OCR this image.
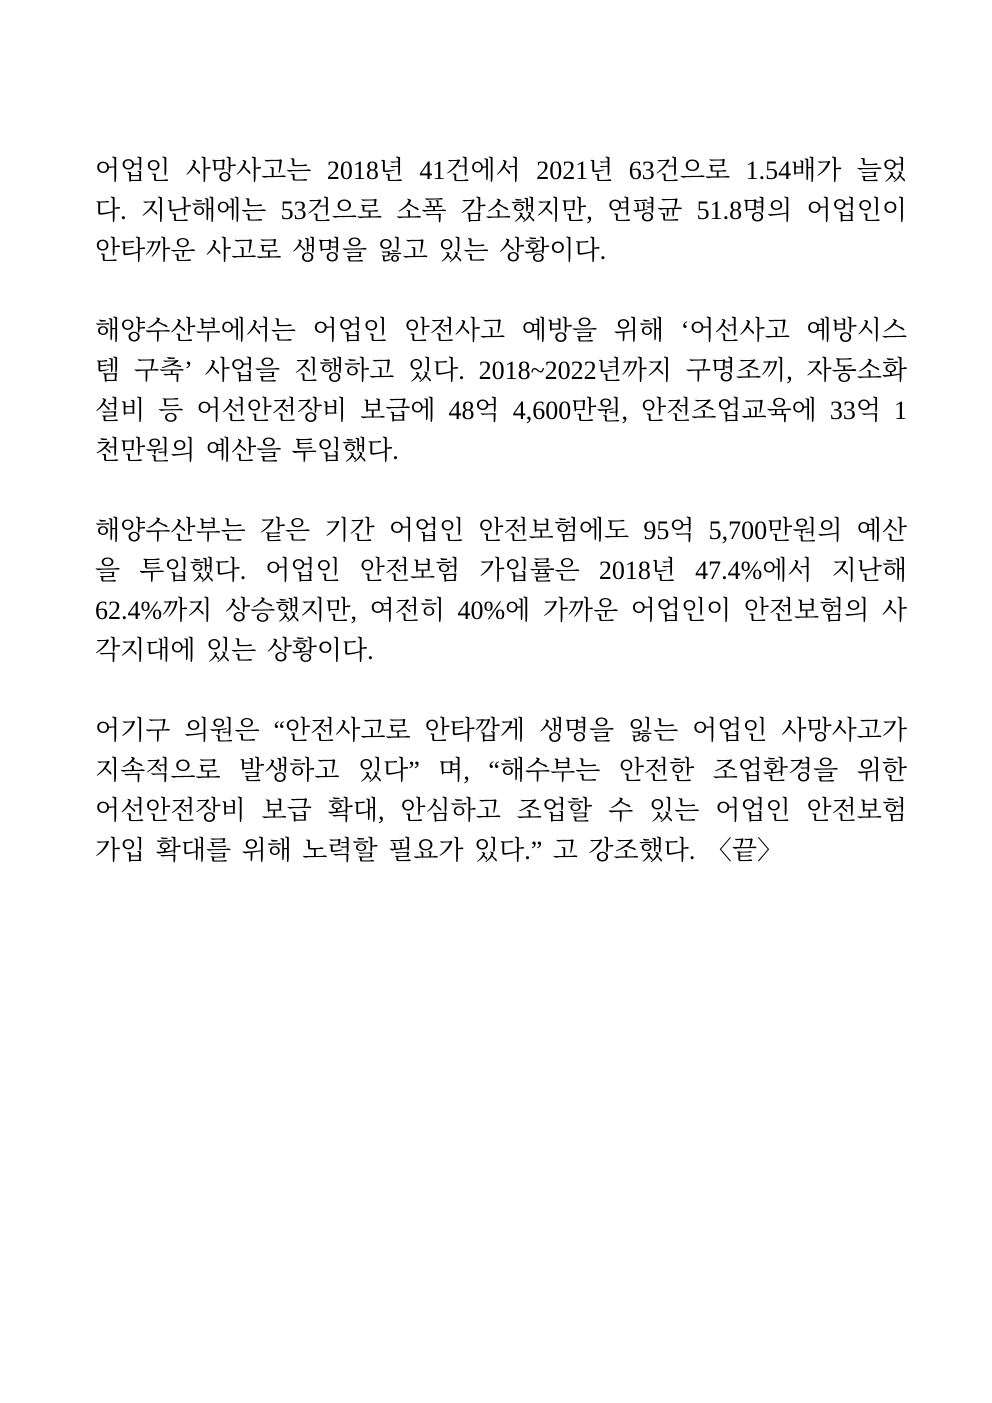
어업인 사망사고는 2018년 41건에서 2021년 63건으로 1.54배가 늘었
다. 지난해에는 53건으로 소폭 감소했지만, 연평균 51.8명의 어업인이
안타까운 사고로 생명을 잃고 있는 상황이다.
해양수산부에서는 어업인 안전사고 예방을 위해 ‘어선사고 예방시스
템 구축’ 사업을 진행하고 있다. 2018~2022년까지 구명조끼, 자동소화
설비 등 어선안전장비 보급에 48억 4,600만원, 안전조업교육에 33억 1
천만원의 예산을 투입했다.
해양수산부는 같은 기간 어업인 안전보험에도 95억 5,700만원의 예산
을 투입했다. 어업인 안전보험 가입률은 2018년 47.4%에서 지난해
62.4%까지 상승했지만, 여전히 40%에 가까운 어업인이 안전보험의 사
각지대에 있는 상황이다.
어기구 의원은 “안전사고로 안타깝게 생명을 잃는 어업인 사망사고가
지속적으로 발생하고 있다” 며, “해수부는 안전한 조업환경을 위한
어선안전장비 보급 확대, 안심하고 조업할 수 있는 어업인 안전보험
가입 확대를 위해 노력할 필요가 있다.” 고 강조했다. 〈끝〉
